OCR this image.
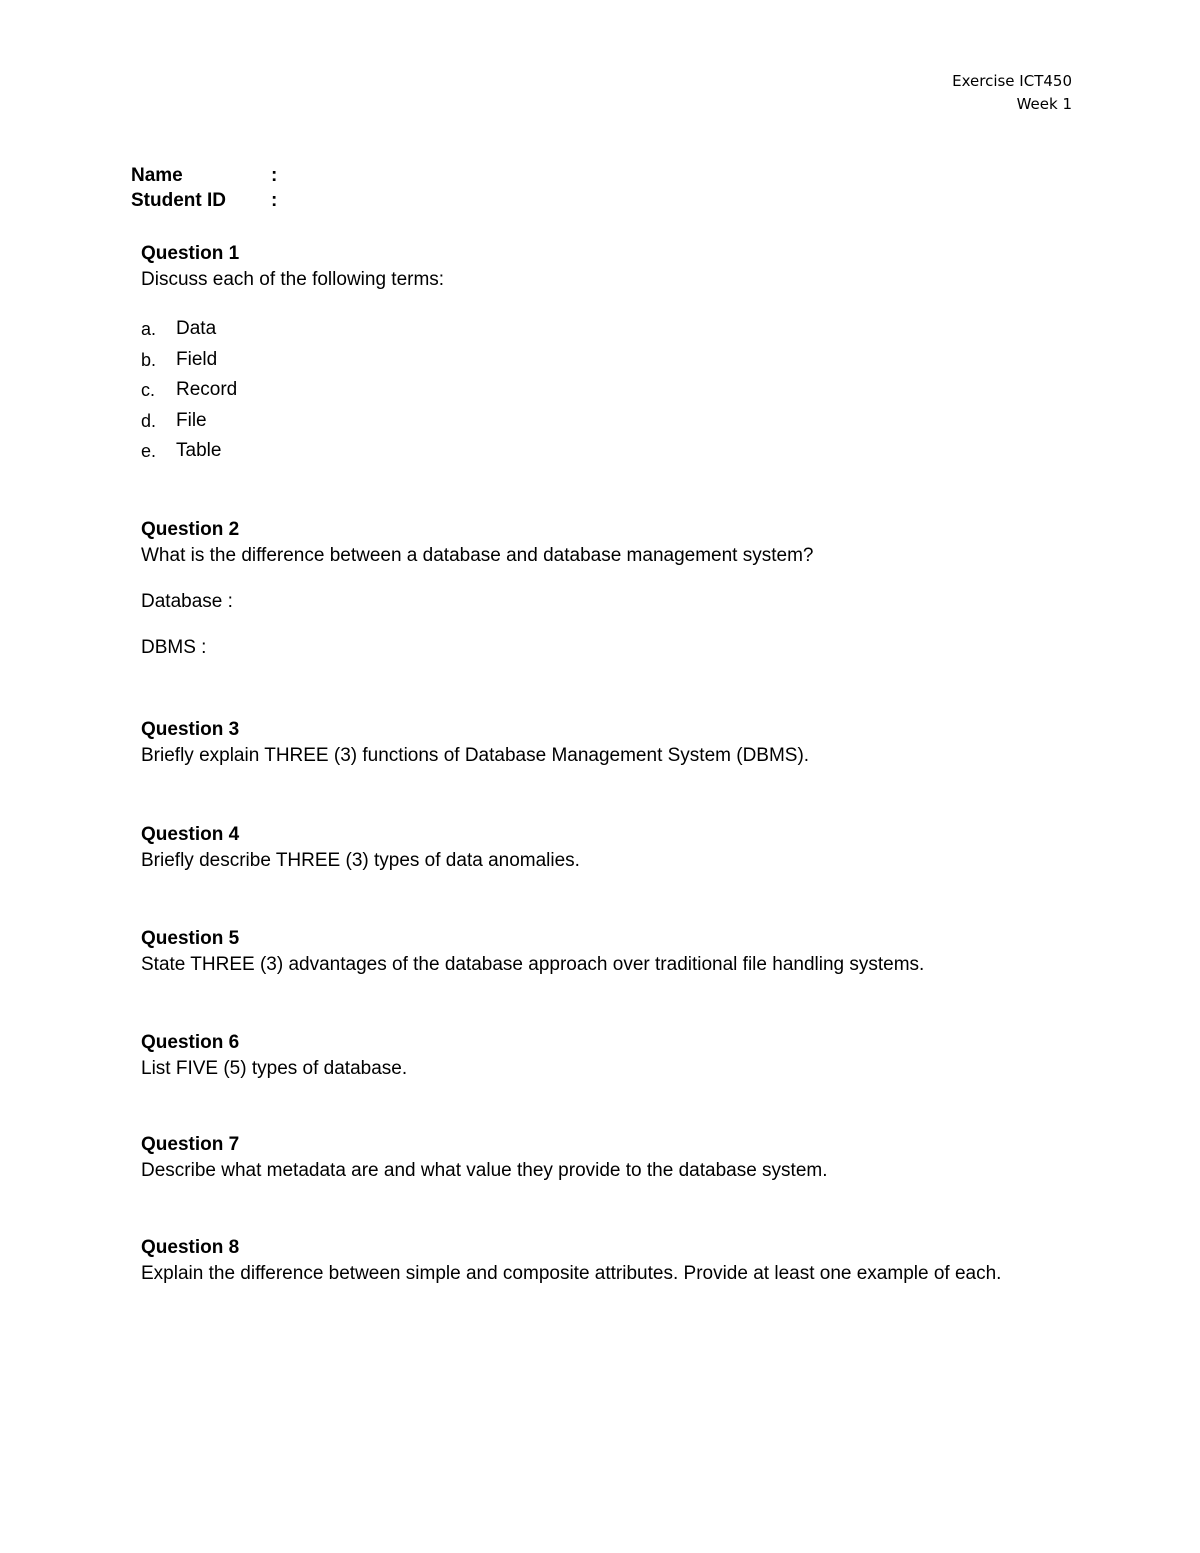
Exercise ICT450
Week 1
Name	:
Student ID	:
Question 1
Discuss each of the following terms:
a.	Data
b.	Field
c.	Record
d.	File
e.	Table
Question 2
What is the difference between a database and database management system?
Database :
DBMS :
Question 3
Briefly explain THREE (3) functions of Database Management System (DBMS).
Question 4
Briefly describe THREE (3) types of data anomalies.
Question 5
State THREE (3) advantages of the database approach over traditional file handling systems.
Question 6
List FIVE (5) types of database.
Question 7
Describe what metadata are and what value they provide to the database system.
Question 8
Explain the difference between simple and composite attributes. Provide at least one example of each.
